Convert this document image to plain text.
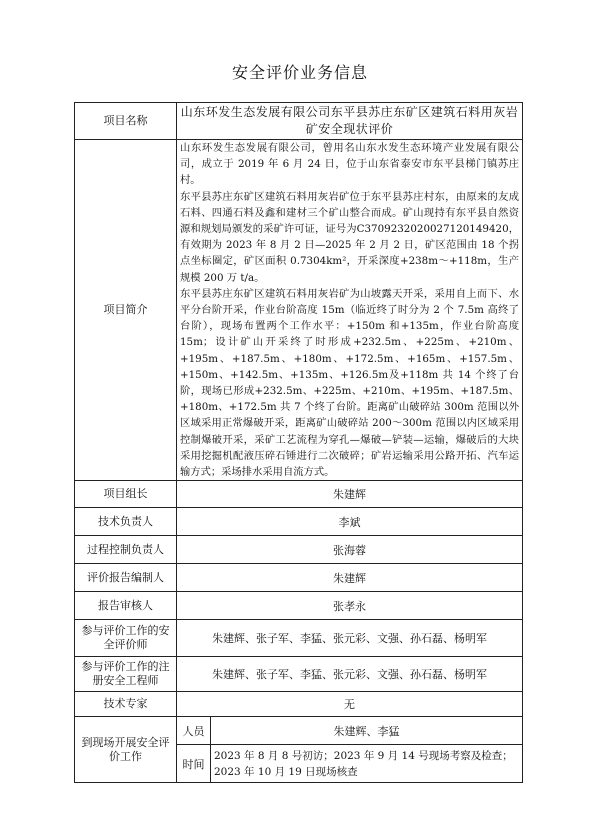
安全评价业务信息
项目名称	山东环发生态发展有限公司东平县苏庄东矿区建筑石料用灰岩矿安全现状评价	
项目简介	山东环发生态发展有限公司，曾用名山东水发生态环境产业发展有限公司，成立于 2019 年 6 月 24 日，位于山东省泰安市东平县梯门镇苏庄村。

东平县苏庄东矿区建筑石料用灰岩矿位于东平县苏庄村东，由原来的友成石料、四通石料及鑫和建材三个矿山整合而成。矿山现持有东平县自然资源和规划局颁发的采矿许可证，证号为C3709232020027120149420，有效期为 2023 年 8 月 2 日—2025 年 2 月 2 日，矿区范围由 18 个拐点坐标圈定，矿区面积 0.7304km²，开采深度+238m～+118m，生产规模 200 万 t/a。

东平县苏庄东矿区建筑石料用灰岩矿为山坡露天开采，采用自上而下、水平分台阶开采，作业台阶高度 15m（临近终了时分为 2 个 7.5m 高终了台阶），现场布置两个工作水平：+150m 和+135m，作业台阶高度 15m；设计矿山开采终了时形成+232.5m、+225m、+210m、+195m、+187.5m、+180m、+172.5m、+165m、+157.5m、+150m、+142.5m、+135m、+126.5m及+118m 共 14 个终了台阶，现场已形成+232.5m、+225m、+210m、+195m、+187.5m、+180m、+172.5m 共 7 个终了台阶。距离矿山破碎站 300m 范围以外区域采用正常爆破开采，距离矿山破碎站 200～300m 范围以内区域采用控制爆破开采，采矿工艺流程为穿孔—爆破—铲装—运输，爆破后的大块采用挖掘机配液压碎石锤进行二次破碎；矿岩运输采用公路开拓、汽车运输方式；采场排水采用自流方式。	

项目组长	朱建辉	
技术负责人	李斌	
过程控制负责人	张海蓉	
评价报告编制人	朱建辉	
报告审核人	张孝永	
参与评价工作的安全评价师	朱建辉、张子军、李猛、张元彩、文强、孙石磊、杨明军	
参与评价工作的注册安全工程师	朱建辉、张子军、李猛、张元彩、文强、孙石磊、杨明军	
技术专家	无	
到现场开展安全评价工作	人员	朱建辉、李猛
	时间	2023 年 8 月 8 号初访；2023 年 9 月 14 号现场考察及检查；2023 年 10 月 19 日现场核查
